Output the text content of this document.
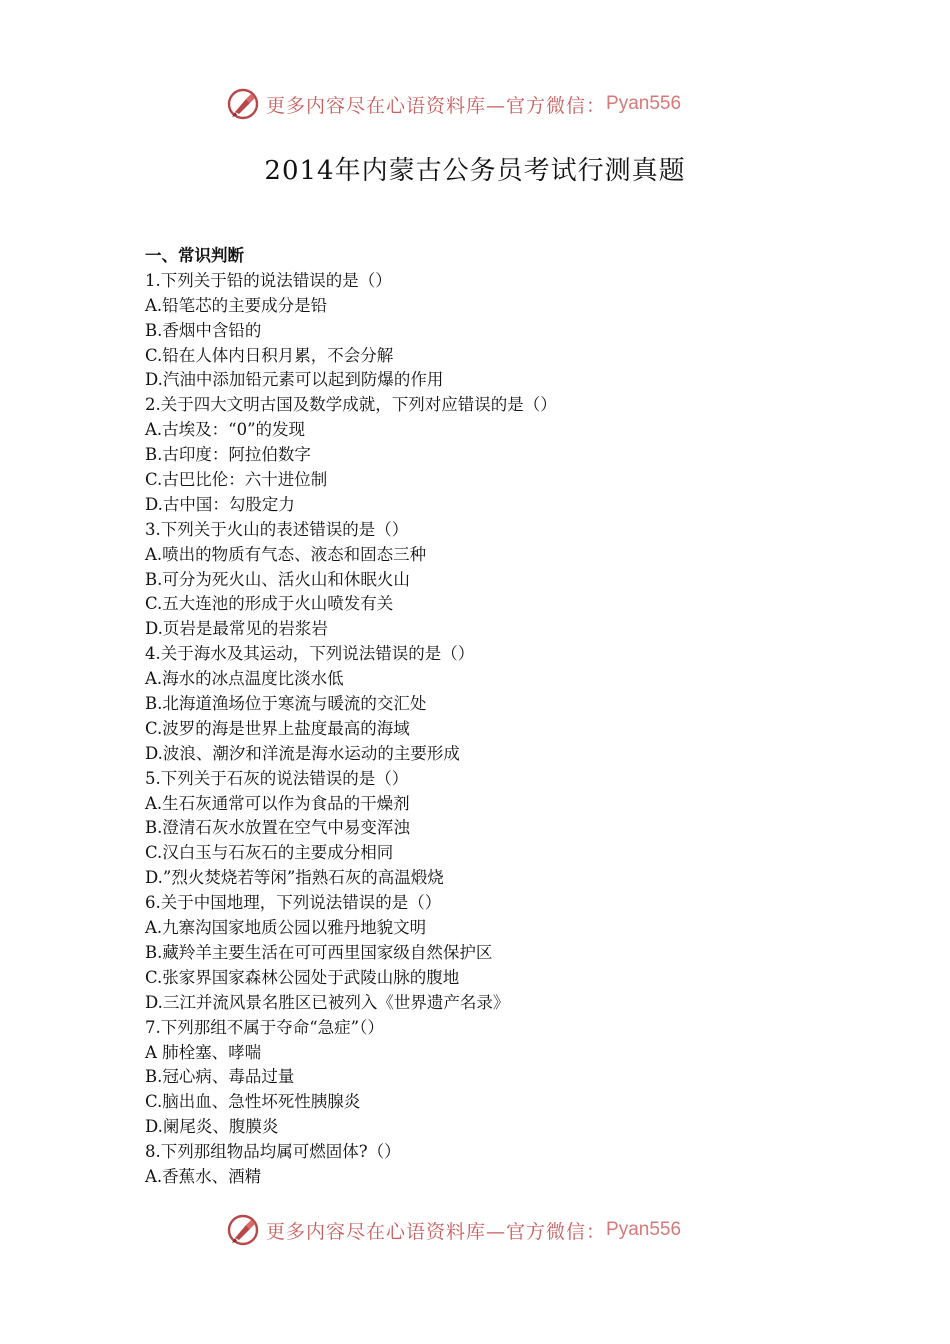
更多内容尽在心语资料库—官方微信： Pyan556
2014年内蒙古公务员考试行测真题
一、常识判断
1.下列关于铅的说法错误的是（）
A.铅笔芯的主要成分是铅
B.香烟中含铅的
C.铅在人体内日积月累，不会分解
D.汽油中添加铅元素可以起到防爆的作用
2.关于四大文明古国及数学成就，下列对应错误的是（）
A.古埃及：“0”的发现
B.古印度：阿拉伯数字
C.古巴比伦：六十进位制
D.古中国：勾股定力
3.下列关于火山的表述错误的是（）
A.喷出的物质有气态、液态和固态三种
B.可分为死火山、活火山和休眠火山
C.五大连池的形成于火山喷发有关
D.页岩是最常见的岩浆岩
4.关于海水及其运动，下列说法错误的是（）
A.海水的冰点温度比淡水低
B.北海道渔场位于寒流与暖流的交汇处
C.波罗的海是世界上盐度最高的海域
D.波浪、潮汐和洋流是海水运动的主要形成
5.下列关于石灰的说法错误的是（）
A.生石灰通常可以作为食品的干燥剂
B.澄清石灰水放置在空气中易变浑浊
C.汉白玉与石灰石的主要成分相同
D.”烈火焚烧若等闲”指熟石灰的高温煅烧
6.关于中国地理，下列说法错误的是（）
A.九寨沟国家地质公园以雅丹地貌文明
B.藏羚羊主要生活在可可西里国家级自然保护区
C.张家界国家森林公园处于武陵山脉的腹地
D.三江并流风景名胜区已被列入《世界遗产名录》
7.下列那组不属于夺命“急症”（）
A 肺栓塞、哮喘
B.冠心病、毒品过量
C.脑出血、急性坏死性胰腺炎
D.阑尾炎、腹膜炎
8.下列那组物品均属可燃固体?（）
A.香蕉水、酒精
更多内容尽在心语资料库—官方微信： Pyan556
